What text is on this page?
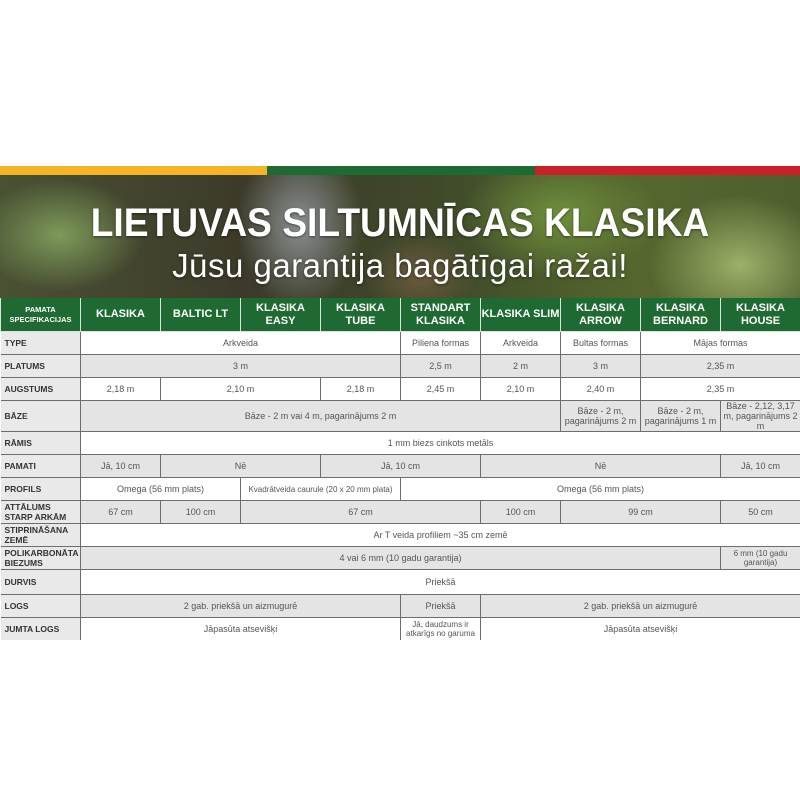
LIETUVAS SILTUMNĪCAS KLASIKA
Jūsu garantija bagātīgai ražai!
PAMATA SPECIFIKACIJAS	KLASIKA	BALTIC LT	KLASIKA EASY	KLASIKA TUBE	STANDART KLASIKA	KLASIKA SLIM	KLASIKA ARROW	KLASIKA BERNARD	KLASIKA HOUSE
TYPE	Arkveida				Piliena formas	Arkveida	Bultas formas	Mājas formas	
PLATUMS	3 m				2,5 m	2 m	3 m	2,35 m	
AUGSTUMS	2,18 m	2,10 m		2,18 m	2,45 m	2,10 m	2,40 m	2,35 m	
BĀZE	Bāze - 2 m vai 4 m, pagarinājums 2 m						Bāze - 2 m, pagarinājums 2 m	Bāze - 2 m, pagarinājums 1 m	Bāze - 2,12, 3,17 m, pagarinājums 2 m
RĀMIS	1 mm biezs cinkots metāls								
PAMATI	Jā, 10 cm	Nē		Jā, 10 cm		Nē			Jā, 10 cm
PROFILS	Omega (56 mm plats)		Kvadrātveida caurule (20 x 20 mm plata)		Omega (56 mm plats)				
ATTĀLUMS STARP ARKĀM	67 cm	100 cm	67 cm			100 cm	99 cm		50 cm
STIPRINĀŠANA ZEMĒ	Ar T veida profiliem ~35 cm zemē								
POLIKARBONĀTA BIEZUMS	4 vai 6 mm (10 gadu garantija)								6 mm (10 gadu garantija)
DURVIS	Priekšā								
LOGS	2 gab. priekšā un aizmugurē				Priekšā	2 gab. priekšā un aizmugurē			
JUMTA LOGS	Jāpasūta atsevišķi				Jā, daudzums ir atkarīgs no garuma	Jāpasūta atsevišķi			
